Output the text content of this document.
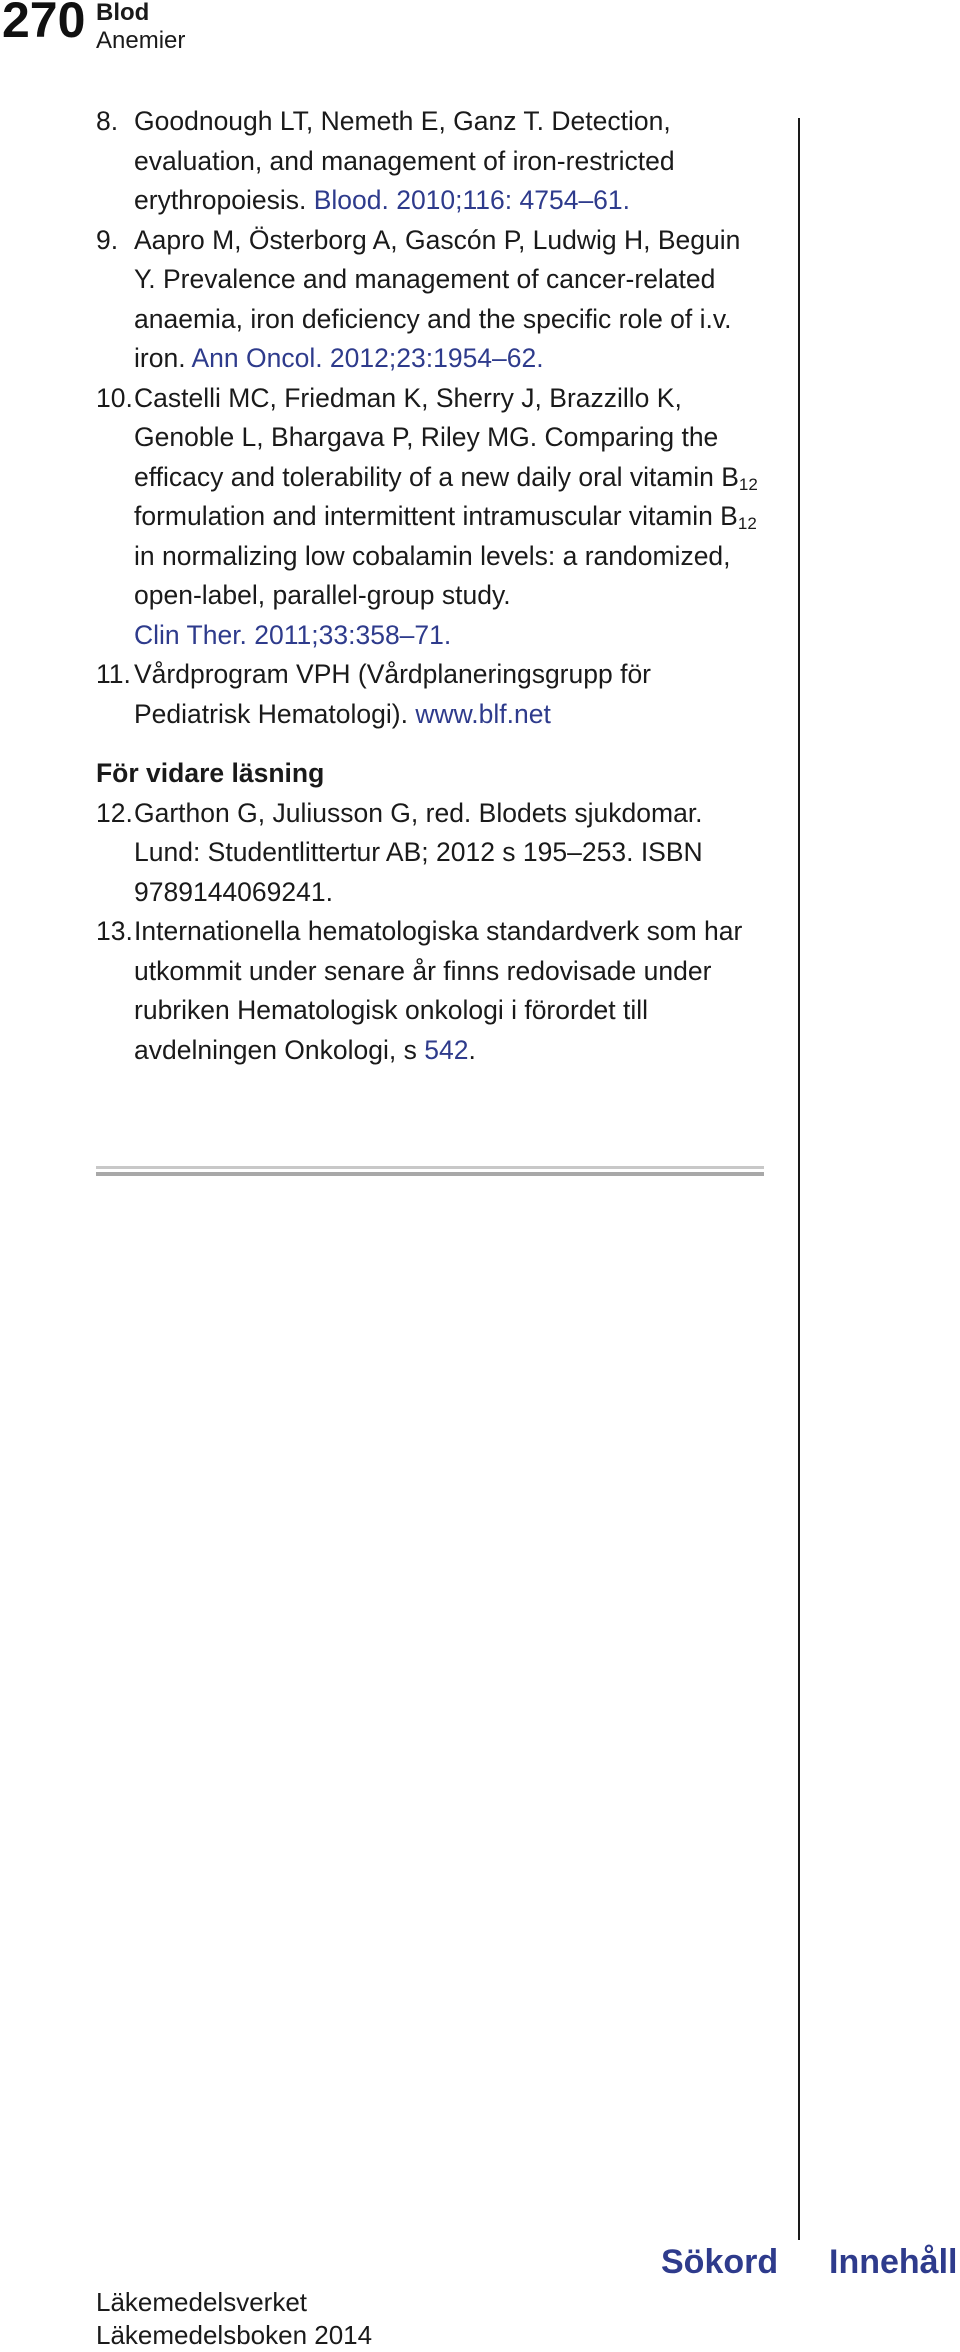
270 Blod
Anemier
8. Goodnough LT, Nemeth E, Ganz T. Detection, evaluation, and management of iron-restricted erythropoiesis. Blood. 2010;116: 4754–61.
9. Aapro M, Österborg A, Gascón P, Ludwig H, Beguin Y. Prevalence and management of cancer-related anaemia, iron deficiency and the specific role of i.v. iron. Ann Oncol. 2012;23:1954–62.
10. Castelli MC, Friedman K, Sherry J, Brazzillo K, Genoble L, Bhargava P, Riley MG. Comparing the efficacy and tolerability of a new daily oral vitamin $B_{12}$ formulation and intermittent intramuscular vitamin $B_{12}$ in normalizing low cobalamin levels: a randomized, open-label, parallel-group study.
Clin Ther. 2011;33:358–71.
11. Vårdprogram VPH (Vårdplaneringsgrupp för Pediatrisk Hematologi). www.blf.net
För vidare läsning
12. Garthon G, Juliusson G, red. Blodets sjukdomar. Lund: Studentlittertur AB; 2012 s 195–253. ISBN 9789144069241.
13. Internationella hematologiska standardverk som har utkommit under senare år finns redovisade under rubriken Hematologisk onkologi i förordet till avdelningen Onkologi, s 542.
Sökord Innehåll
Läkemedelsverket
Läkemedelsboken 2014
